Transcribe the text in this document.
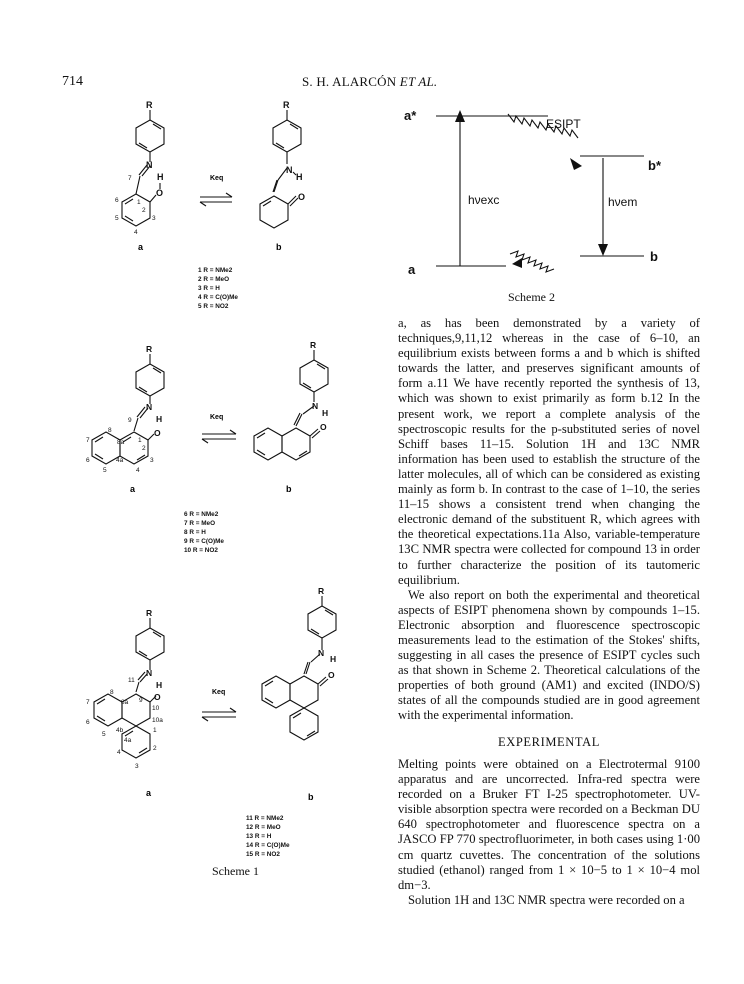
714	S. H. ALARCÓN ET AL.
R
N
H
O
R
N
H
O
7
1
2
3
4
5
6
Keq
a	b
R
N
H
O
R
N
H
O
9
8
8a 1
2
3
4
4a
5
6
7
Keq
a	b
R
N
H
O
R
N
H
O
11
8
8a 9
10
10a
1
2
3
4
4a
4b
5
6
7
Keq
a	b
1 R = NMe2
2 R = MeO
3 R = H
4 R = C(O)Me
5 R = NO2
6 R = NMe2
7 R = MeO
8 R = H
9 R = C(O)Me
10 R = NO2
11 R = NMe2
12 R = MeO
13 R = H
14 R = C(O)Me
15 R = NO2
Scheme 1
a*
a
b*
b
ESIPT
hνexc	hνem
Scheme 2

a, as has been demonstrated by a variety of techniques,9,11,12 whereas in the case of 6–10, an equilibrium exists between forms a and b which is shifted towards the latter, and preserves significant amounts of form a.11 We have recently reported the synthesis of 13, which was shown to exist primarily as form b.12 In the present work, we report a complete analysis of the spectroscopic results for the p-substituted series of novel Schiff bases 11–15. Solution 1H and 13C NMR information has been used to establish the structure of the latter molecules, all of which can be considered as existing mainly as form b. In contrast to the case of 1–10, the series 11–15 shows a consistent trend when changing the electronic demand of the substituent R, which agrees with the theoretical expectations.11a Also, variable-temperature 13C NMR spectra were collected for compound 13 in order to further characterize the position of its tautomeric equilibrium.

We also report on both the experimental and theoretical aspects of ESIPT phenomena shown by compounds 1–15. Electronic absorption and fluorescence spectroscopic measurements lead to the estimation of the Stokes' shifts, suggesting in all cases the presence of ESIPT cycles such as that shown in Scheme 2. Theoretical calculations of the properties of both ground (AM1) and excited (INDO/S) states of all the compounds studied are in good agreement with the experimental information.

EXPERIMENTAL

Melting points were obtained on a Electrotermal 9100 apparatus and are uncorrected. Infra-red spectra were recorded on a Bruker FT I-25 spectrophotometer. UV-visible absorption spectra were recorded on a Beckman DU 640 spectrophotometer and fluorescence spectra on a JASCO FP 770 spectrofluorimeter, in both cases using 1·00 cm quartz cuvettes. The concentration of the solutions studied (ethanol) ranged from 1 × 10−5 to 1 × 10−4 mol dm−3.

Solution 1H and 13C NMR spectra were recorded on a
